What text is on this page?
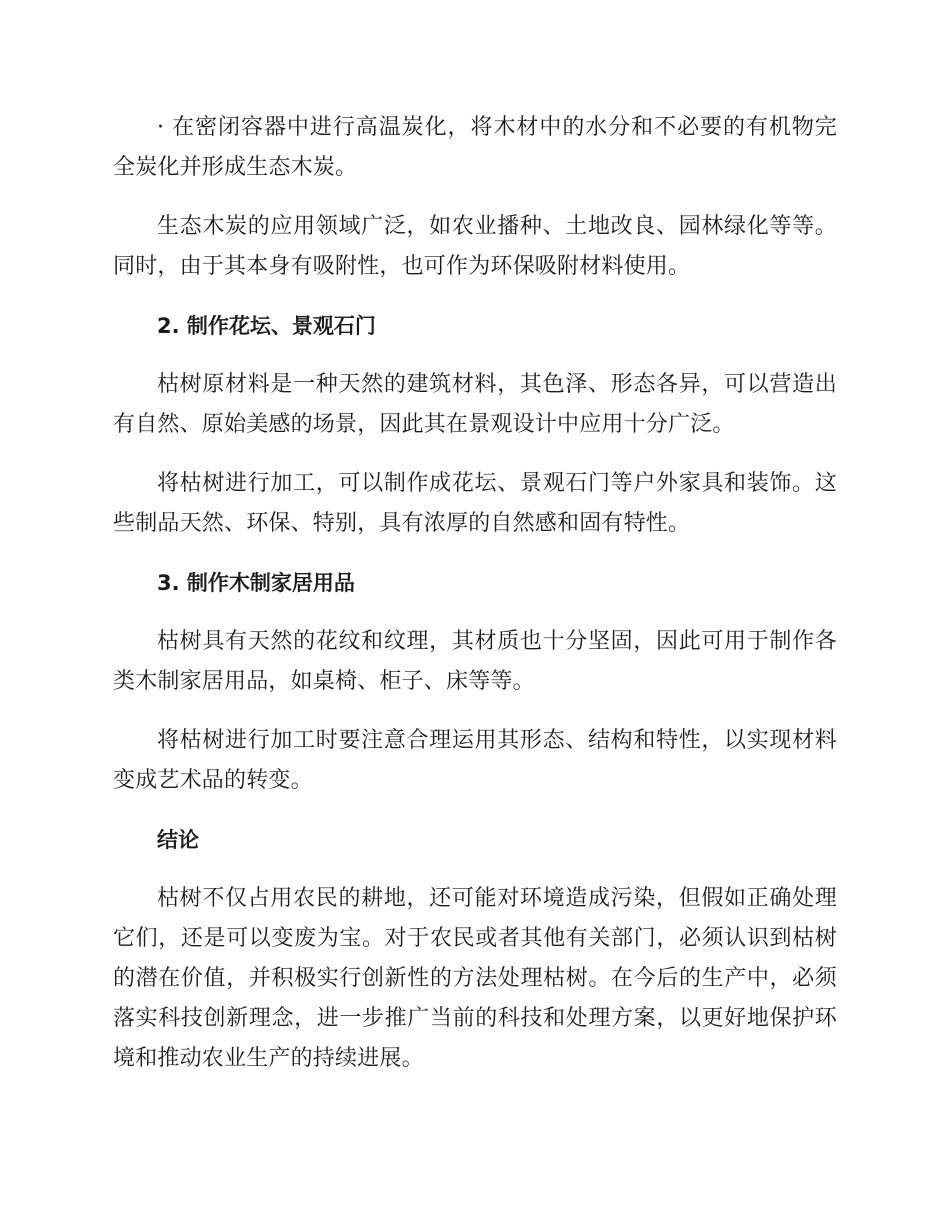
· 在密闭容器中进行高温炭化，将木材中的水分和不必要的有机物完全炭化并形成生态木炭。

生态木炭的应用领域广泛，如农业播种、土地改良、园林绿化等等。同时，由于其本身有吸附性，也可作为环保吸附材料使用。

2. 制作花坛、景观石门

枯树原材料是一种天然的建筑材料，其色泽、形态各异，可以营造出有自然、原始美感的场景，因此其在景观设计中应用十分广泛。

将枯树进行加工，可以制作成花坛、景观石门等户外家具和装饰。这些制品天然、环保、特别，具有浓厚的自然感和固有特性。

3. 制作木制家居用品

枯树具有天然的花纹和纹理，其材质也十分坚固，因此可用于制作各类木制家居用品，如桌椅、柜子、床等等。

将枯树进行加工时要注意合理运用其形态、结构和特性，以实现材料变成艺术品的转变。

结论

枯树不仅占用农民的耕地，还可能对环境造成污染，但假如正确处理它们，还是可以变废为宝。对于农民或者其他有关部门，必须认识到枯树的潜在价值，并积极实行创新性的方法处理枯树。在今后的生产中，必须落实科技创新理念，进一步推广当前的科技和处理方案，以更好地保护环境和推动农业生产的持续进展。
